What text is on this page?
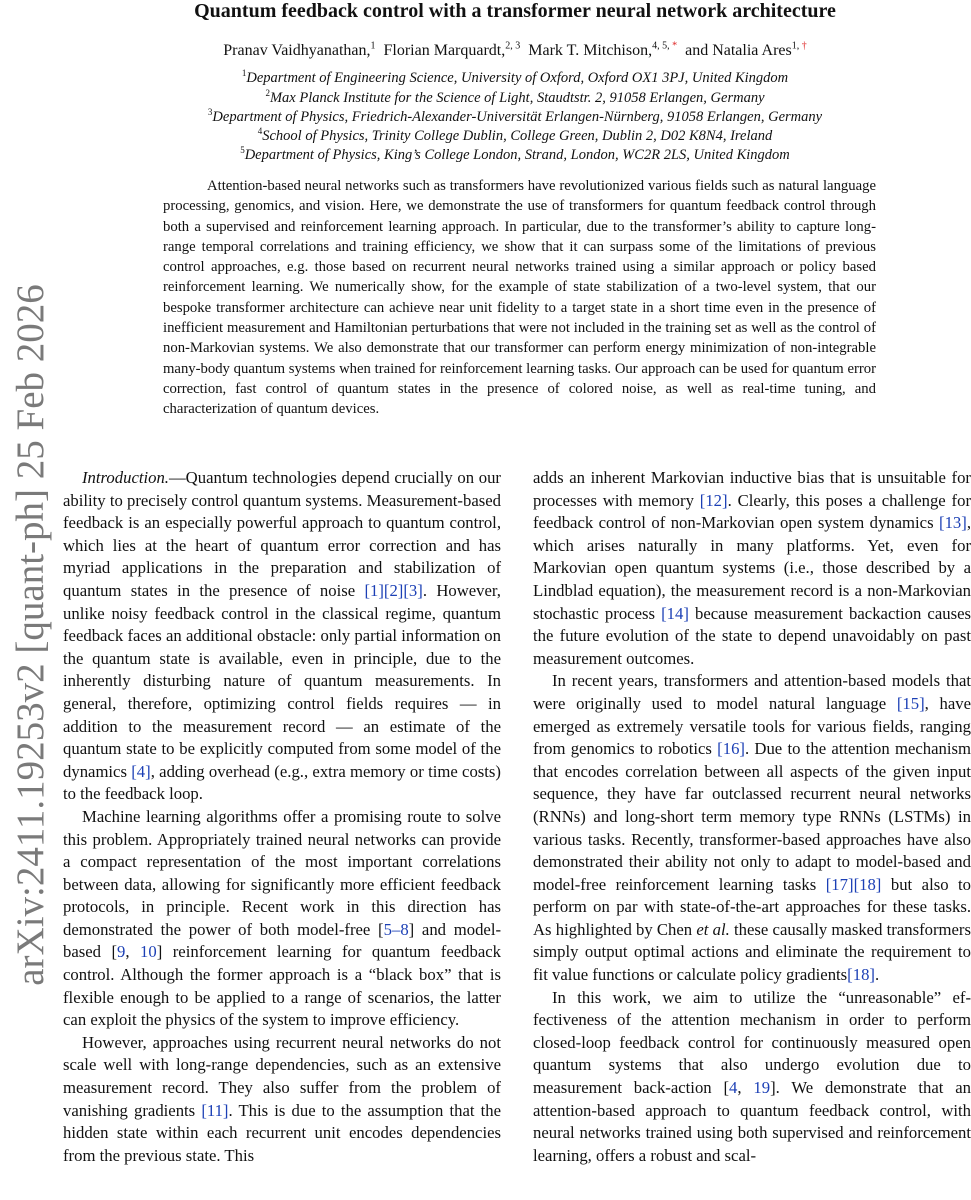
arXiv:2411.19253v2 [quant-ph] 25 Feb 2026
Quantum feedback control with a transformer neural network architecture
Pranav Vaidhyanathan,$^1$ Florian Marquardt,$^{2, 3}$ Mark T. Mitchison,$^{4, 5, *}$ and Natalia Ares$^{1, \dagger}$
$^1$Department of Engineering Science, University of Oxford, Oxford OX1 3PJ, United Kingdom
$^2$Max Planck Institute for the Science of Light, Staudtstr. 2, 91058 Erlangen, Germany
$^3$Department of Physics, Friedrich-Alexander-Universität Erlangen-Nürnberg, 91058 Erlangen, Germany
$^4$School of Physics, Trinity College Dublin, College Green, Dublin 2, D02 K8N4, Ireland
$^5$Department of Physics, King’s College London, Strand, London, WC2R 2LS, United Kingdom

Attention-based neural networks such as transformers have revolutionized various fields such as natural language processing, genomics, and vision. Here, we demonstrate the use of transformers for quantum feedback control through both a supervised and reinforcement learning approach. In particular, due to the transformer’s ability to capture long-range temporal correlations and training efficiency, we show that it can surpass some of the limitations of previous control approaches, e.g. those based on recurrent neural networks trained using a similar approach or policy based reinforcement learning. We numerically show, for the example of state stabilization of a two-level system, that our bespoke transformer architecture can achieve near unit fidelity to a target state in a short time even in the presence of inefficient measurement and Hamiltonian perturbations that were not included in the training set as well as the control of non-Markovian systems. We also demonstrate that our transformer can perform energy minimization of non-integrable many-body quantum systems when trained for reinforcement learning tasks. Our approach can be used for quantum error correction, fast control of quantum states in the presence of colored noise, as well as real-time tuning, and characterization of quantum devices.

Introduction.—Quantum technologies depend crucially on our ability to precisely control quantum systems. Measurement-based feedback is an especially powerful approach to quantum control, which lies at the heart of quantum error correction and has myriad applications in the preparation and stabilization of quantum states in the presence of noise [1][2][3]. However, unlike noisy feedback control in the classical regime, quantum feedback faces an additional obstacle: only partial information on the quantum state is available, even in principle, due to the inherently disturbing nature of quantum measurements. In general, therefore, optimizing control fields requires — in addition to the measurement record — an estimate of the quantum state to be explicitly computed from some model of the dynamics [4], adding overhead (e.g., extra memory or time costs) to the feedback loop.

Machine learning algorithms offer a promising route to solve this problem. Appropriately trained neural networks can provide a compact representation of the most important correlations between data, allowing for significantly more efficient feedback protocols, in principle. Recent work in this direction has demonstrated the power of both model-free [5–8] and model-based [9, 10] reinforcement learning for quantum feedback control. Although the former approach is a “black box” that is flexible enough to be applied to a range of scenarios, the latter can exploit the physics of the system to improve efficiency.

However, approaches using recurrent neural networks do not scale well with long-range dependencies, such as an extensive measurement record. They also suffer from the problem of vanishing gradients [11]. This is due to the assumption that the hidden state within each recurrent unit encodes dependencies from the previous state. This

adds an inherent Markovian inductive bias that is unsuitable for processes with memory [12]. Clearly, this poses a challenge for feedback control of non-Markovian open system dynamics [13], which arises naturally in many platforms. Yet, even for Markovian open quantum systems (i.e., those described by a Lindblad equation), the measurement record is a non-Markovian stochastic process [14] because measurement backaction causes the future evolution of the state to depend unavoidably on past measurement outcomes.

In recent years, transformers and attention-based models that were originally used to model natural language [15], have emerged as extremely versatile tools for various fields, ranging from genomics to robotics [16]. Due to the attention mechanism that encodes correlation between all aspects of the given input sequence, they have far outclassed recurrent neural networks (RNNs) and long-short term memory type RNNs (LSTMs) in various tasks. Recently, transformer-based approaches have also demonstrated their ability not only to adapt to model-based and model-free reinforcement learning tasks [17][18] but also to perform on par with state-of-the-art approaches for these tasks. As highlighted by Chen et al. these causally masked transformers simply output optimal actions and eliminate the requirement to fit value functions or calculate policy gradients[18].

In this work, we aim to utilize the “unreasonable” effectiveness of the attention mechanism in order to perform closed-loop feedback control for continuously measured open quantum systems that also undergo evolution due to measurement back-action [4, 19]. We demonstrate that an attention-based approach to quantum feedback control, with neural networks trained using both supervised and reinforcement learning, offers a robust and scal-
